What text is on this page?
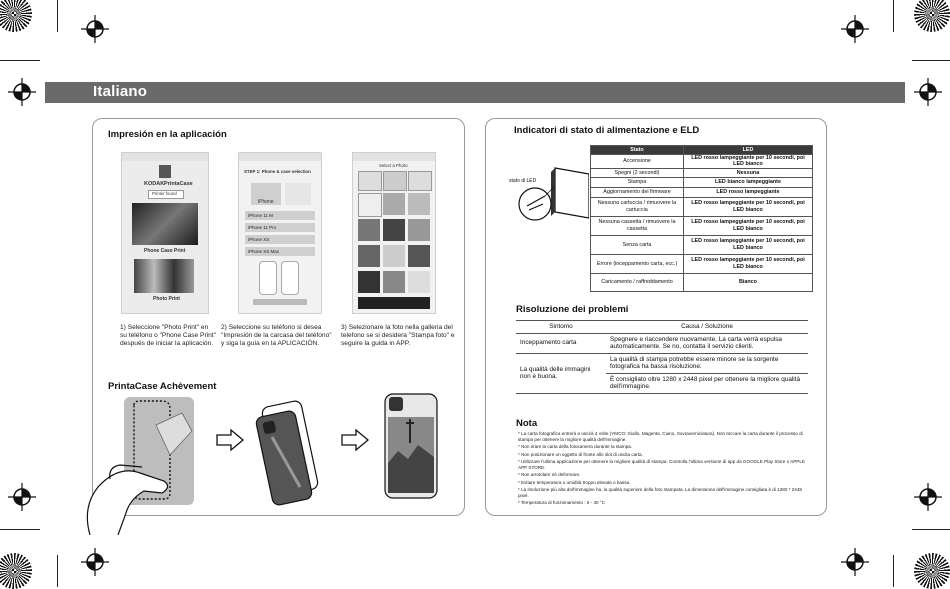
Italiano
Impresión en la aplicación
KODAK PrintaCase
Printer found
Phone Case Print
Photo Print
STEP 1: Phone & case selection
iPhone
iPhone 11 M
iPhone 11 Pro
iPhone XS
iPhone XS Max
Select a Photo
1) Seleccione "Photo Print" en su teléfono o "Phone Case Print" después de iniciar la aplicación.
2) Seleccione su teléfono si desea "Impresión de la carcasa del teléfono" y siga la guía en la APLICACIÓN.
3) Selezionare la foto nella galleria del telefono se si desidera "Stampa foto" e seguire la guida in APP.
PrintaCase Achèvement
Indicatori di stato di alimentazione e ELD
stato di LED
Stato	LED
Accensione	LED rosso lampeggiante per 10 secondi, poi LED bianco
Spegni (2 secondi)	Nessuna
Stampa	LED bianco lampeggiante
Aggiornamento del firmware	LED rosso lampeggiante
Nessuna cartuccia / rimuovere la cartuccia	LED rosso lampeggiante per 10 secondi, poi LED bianco
Nessuna cassetta / rimuovere la cassetta	LED rosso lampeggiante per 10 secondi, poi LED bianco
Senza carta	LED rosso lampeggiante per 10 secondi, poi LED bianco
Errore (inceppamento carta, ecc.)	LED rosso lampeggiante per 10 secondi, poi LED bianco
Caricamento / raffreddamento	Bianco
Risoluzione dei problemi
Sintomo	Causa / Soluzione
Inceppamento carta	Spegnere e riaccendere nuovamente. La carta verrà espulsa automaticamente. Se no, contatta il servizio clienti.
La qualità delle immagini non è buona.	La qualità di stampa potrebbe essere minore se la sorgente fotografica ha bassa risoluzione.
	È consigliato oltre 1280 x 2448 pixel per ottenere la migliore qualità dell'immagine.
Nota
* La carta fotografica entrerà e uscirà 4 volte (YMCO: Giallo, Magenta, Ciano, Sovraverniciatura). Non toccare la carta durante il processo di stampa per ottenere la migliore qualità dell'immagine.
* Non tirare la carta della fotocamera durante la stampa.
* Non posizionare un oggetto di fronte allo slot di uscita carta.
* Utilizzare l'ultima applicazione per ottenere la migliore qualità di stampa. Controlla l'ultima versione di app da GOOGLE Play Store o APPLE APP STORE.
* Non arrotolare né deformare.
* Evitare temperatura o umidità troppo elevata o bassa.
* La risoluzione più alta dell'immagine ha, la qualità superiore della foto stampata. La dimensione dell'immagine consigliata è di 1280 * 2448 pixel.
* Temperatura di funzionamento : 5 - 40 °C
